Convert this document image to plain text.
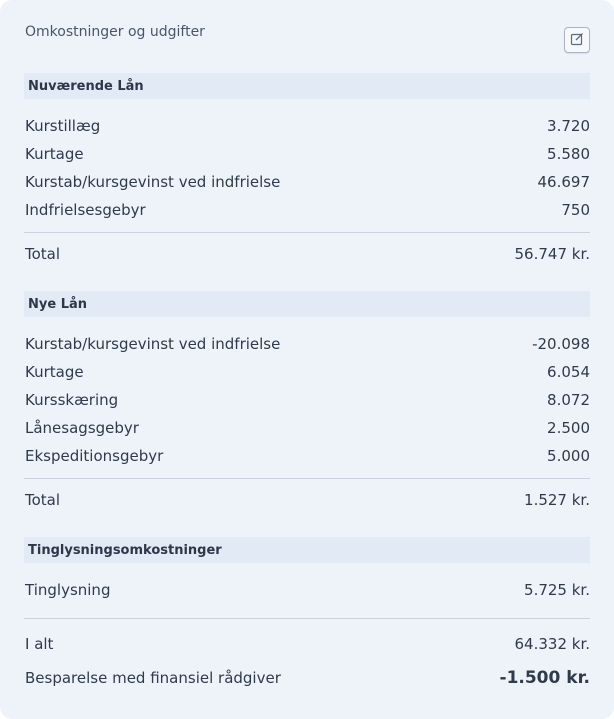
Omkostninger og udgifter
Nuværende Lån
Kurstillæg	3.720
Kurtage	5.580
Kurstab/kursgevinst ved indfrielse	46.697
Indfrielsesgebyr	750
Total	56.747 kr.
Nye Lån
Kurstab/kursgevinst ved indfrielse	-20.098
Kurtage	6.054
Kursskæring	8.072
Lånesagsgebyr	2.500
Ekspeditionsgebyr	5.000
Total	1.527 kr.
Tinglysningsomkostninger
Tinglysning	5.725 kr.
I alt	64.332 kr.
Besparelse med finansiel rådgiver	-1.500 kr.
